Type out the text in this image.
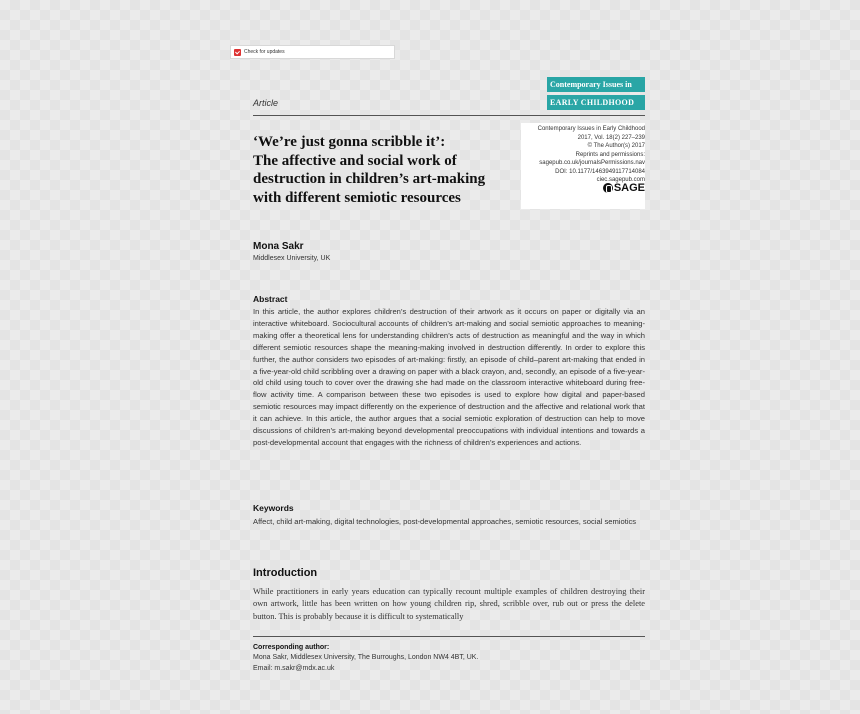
Check for updates
Contemporary Issues in
EARLY CHILDHOOD
Article
‘We’re just gonna scribble it’:
The affective and social work of
destruction in children’s art-making
with different semiotic resources
Contemporary Issues in Early Childhood
2017, Vol. 18(2) 227–239
© The Author(s) 2017
Reprints and permissions:
sagepub.co.uk/journalsPermissions.nav
DOI: 10.1177/1463949117714084
ciec.sagepub.com
SAGE
Mona Sakr
Middlesex University, UK
Abstract
In this article, the author explores children’s destruction of their artwork as it occurs on paper or digitally via an interactive whiteboard. Sociocultural accounts of children’s art-making and social semiotic approaches to meaning-making offer a theoretical lens for understanding children’s acts of destruction as meaningful and the way in which different semiotic resources shape the meaning-making involved in destruction differently. In order to explore this further, the author considers two episodes of art-making: firstly, an episode of child–parent art-making that ended in a five-year-old child scribbling over a drawing on paper with a black crayon, and, secondly, an episode of a five-year-old child using touch to cover over the drawing she had made on the classroom interactive whiteboard during free-flow activity time. A comparison between these two episodes is used to explore how digital and paper-based semiotic resources may impact differently on the experience of destruction and the affective and relational work that it can achieve. In this article, the author argues that a social semiotic exploration of destruction can help to move discussions of children’s art-making beyond developmental preoccupations with individual intentions and towards a post-developmental account that engages with the richness of children’s experiences and actions.
Keywords
Affect, child art-making, digital technologies, post-developmental approaches, semiotic resources, social semiotics
Introduction
While practitioners in early years education can typically recount multiple examples of children destroying their own artwork, little has been written on how young children rip, shred, scribble over, rub out or press the delete button. This is probably because it is difficult to systematically
Corresponding author:
Mona Sakr, Middlesex University, The Burroughs, London NW4 4BT, UK.
Email: m.sakr@mdx.ac.uk
